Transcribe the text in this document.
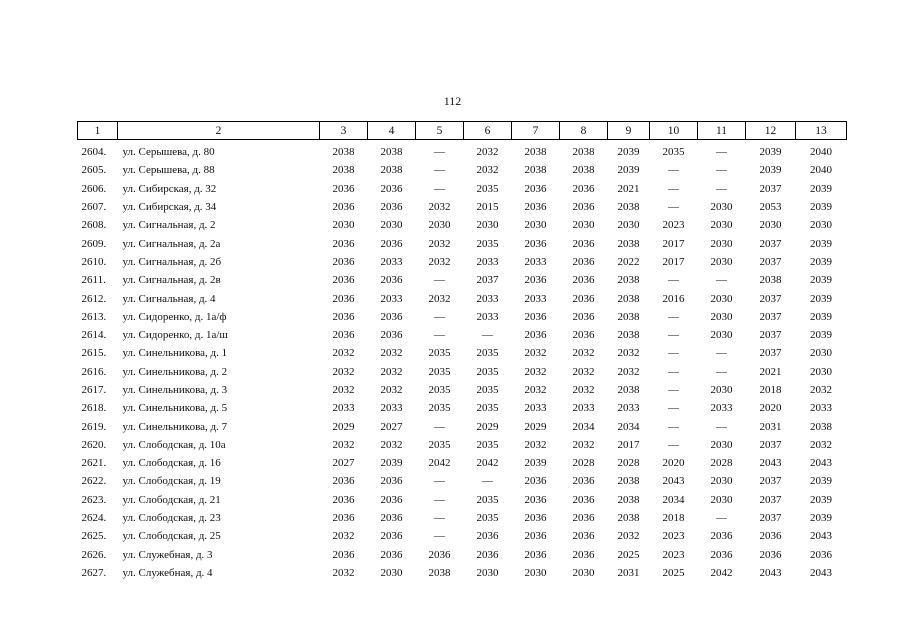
112
1	2	3	4	5	6	7	8	9	10	11	12	13
2604.	ул. Серышева, д. 80	2038	2038	—	2032	2038	2038	2039	2035	—	2039	2040
2605.	ул. Серышева, д. 88	2038	2038	—	2032	2038	2038	2039	—	—	2039	2040
2606.	ул. Сибирская, д. 32	2036	2036	—	2035	2036	2036	2021	—	—	2037	2039
2607.	ул. Сибирская, д. 34	2036	2036	2032	2015	2036	2036	2038	—	2030	2053	2039
2608.	ул. Сигнальная, д. 2	2030	2030	2030	2030	2030	2030	2030	2023	2030	2030	2030
2609.	ул. Сигнальная, д. 2а	2036	2036	2032	2035	2036	2036	2038	2017	2030	2037	2039
2610.	ул. Сигнальная, д. 2б	2036	2033	2032	2033	2033	2036	2022	2017	2030	2037	2039
2611.	ул. Сигнальная, д. 2в	2036	2036	—	2037	2036	2036	2038	—	—	2038	2039
2612.	ул. Сигнальная, д. 4	2036	2033	2032	2033	2033	2036	2038	2016	2030	2037	2039
2613.	ул. Сидоренко, д. 1а/ф	2036	2036	—	2033	2036	2036	2038	—	2030	2037	2039
2614.	ул. Сидоренко, д. 1а/ш	2036	2036	—	—	2036	2036	2038	—	2030	2037	2039
2615.	ул. Синельникова, д. 1	2032	2032	2035	2035	2032	2032	2032	—	—	2037	2030
2616.	ул. Синельникова, д. 2	2032	2032	2035	2035	2032	2032	2032	—	—	2021	2030
2617.	ул. Синельникова, д. 3	2032	2032	2035	2035	2032	2032	2038	—	2030	2018	2032
2618.	ул. Синельникова, д. 5	2033	2033	2035	2035	2033	2033	2033	—	2033	2020	2033
2619.	ул. Синельникова, д. 7	2029	2027	—	2029	2029	2034	2034	—	—	2031	2038
2620.	ул. Слободская, д. 10а	2032	2032	2035	2035	2032	2032	2017	—	2030	2037	2032
2621.	ул. Слободская, д. 16	2027	2039	2042	2042	2039	2028	2028	2020	2028	2043	2043
2622.	ул. Слободская, д. 19	2036	2036	—	—	2036	2036	2038	2043	2030	2037	2039
2623.	ул. Слободская, д. 21	2036	2036	—	2035	2036	2036	2038	2034	2030	2037	2039
2624.	ул. Слободская, д. 23	2036	2036	—	2035	2036	2036	2038	2018	—	2037	2039
2625.	ул. Слободская, д. 25	2032	2036	—	2036	2036	2036	2032	2023	2036	2036	2043
2626.	ул. Служебная, д. 3	2036	2036	2036	2036	2036	2036	2025	2023	2036	2036	2036
2627.	ул. Служебная, д. 4	2032	2030	2038	2030	2030	2030	2031	2025	2042	2043	2043
